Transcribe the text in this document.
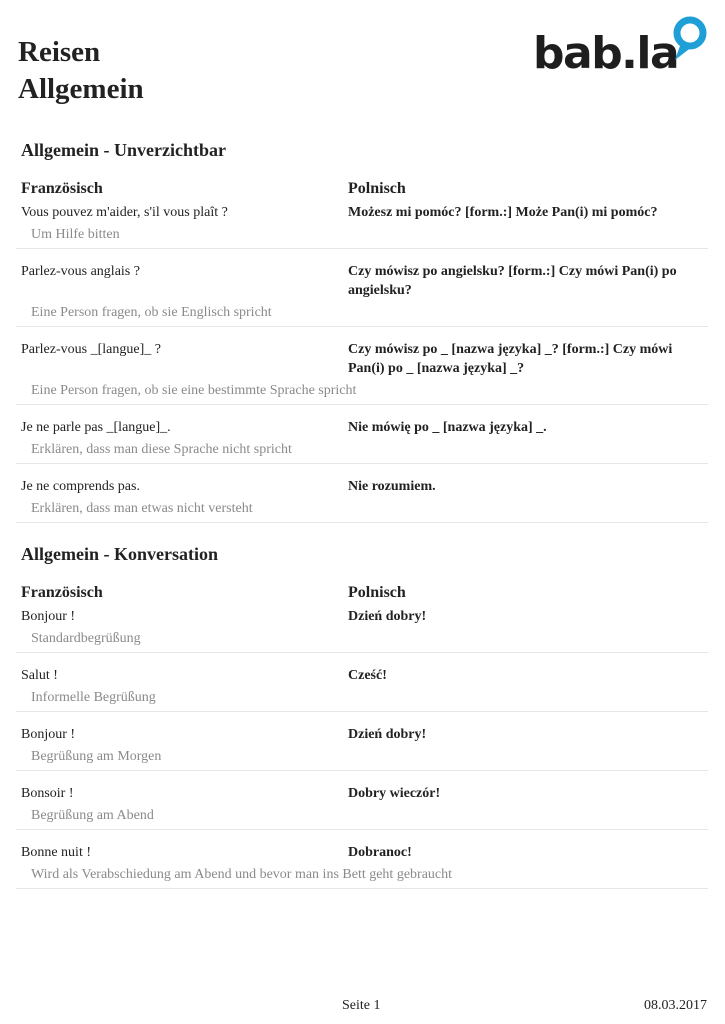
Reisen
Allgemein
bab.la
Allgemein - Unverzichtbar
Französisch	Polnisch
Vous pouvez m'aider, s'il vous plaît ?	Możesz mi pomóc? [form.:] Może Pan(i) mi pomóc?
Um Hilfe bitten
Parlez-vous anglais ?	Czy mówisz po angielsku? [form.:] Czy mówi Pan(i) po angielsku?
Eine Person fragen, ob sie Englisch spricht
Parlez-vous _[langue]_ ?	Czy mówisz po _ [nazwa języka] _? [form.:] Czy mówi Pan(i) po _ [nazwa języka] _?
Eine Person fragen, ob sie eine bestimmte Sprache spricht
Je ne parle pas _[langue]_.	Nie mówię po _ [nazwa języka] _.
Erklären, dass man diese Sprache nicht spricht
Je ne comprends pas.	Nie rozumiem.
Erklären, dass man etwas nicht versteht
Allgemein - Konversation
Französisch	Polnisch
Bonjour !	Dzień dobry!
Standardbegrüßung
Salut !	Cześć!
Informelle Begrüßung
Bonjour !	Dzień dobry!
Begrüßung am Morgen
Bonsoir !	Dobry wieczór!
Begrüßung am Abend
Bonne nuit !	Dobranoc!
Wird als Verabschiedung am Abend und bevor man ins Bett geht gebraucht
Seite 1	08.03.2017
